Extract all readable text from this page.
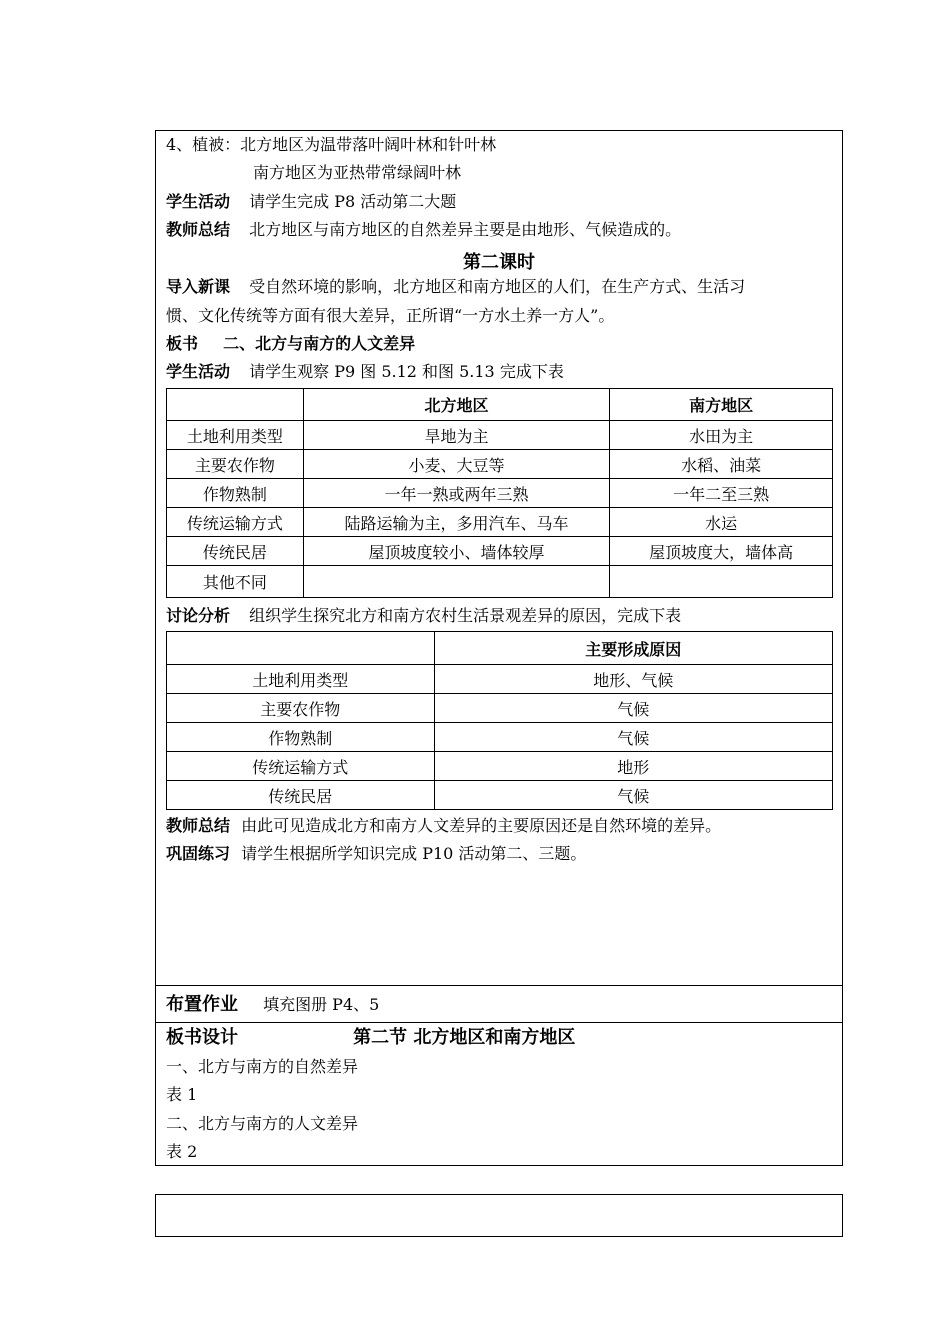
4、植被：北方地区为温带落叶阔叶林和针叶林
南方地区为亚热带常绿阔叶林
学生活动 请学生完成 P8 活动第二大题
教师总结 北方地区与南方地区的自然差异主要是由地形、气候造成的。
第二课时
导入新课 受自然环境的影响，北方地区和南方地区的人们，在生产方式、生活习
惯、文化传统等方面有很大差异，正所谓“一方水土养一方人”。
板书 二、北方与南方的人文差异
学生活动 请学生观察 P9 图 5.12 和图 5.13 完成下表
	北方地区	南方地区
土地利用类型	旱地为主	水田为主
主要农作物	小麦、大豆等	水稻、油菜
作物熟制	一年一熟或两年三熟	一年二至三熟
传统运输方式	陆路运输为主，多用汽车、马车	水运
传统民居	屋顶坡度较小、墙体较厚	屋顶坡度大，墙体高
其他不同		
讨论分析 组织学生探究北方和南方农村生活景观差异的原因，完成下表
	主要形成原因
土地利用类型	地形、气候
主要农作物	气候
作物熟制	气候
传统运输方式	地形
传统民居	气候
教师总结 由此可见造成北方和南方人文差异的主要原因还是自然环境的差异。
巩固练习 请学生根据所学知识完成 P10 活动第二、三题。
布置作业 填充图册 P4、5
板书设计	第二节 北方地区和南方地区
一、北方与南方的自然差异
表 1
二、北方与南方的人文差异
表 2
